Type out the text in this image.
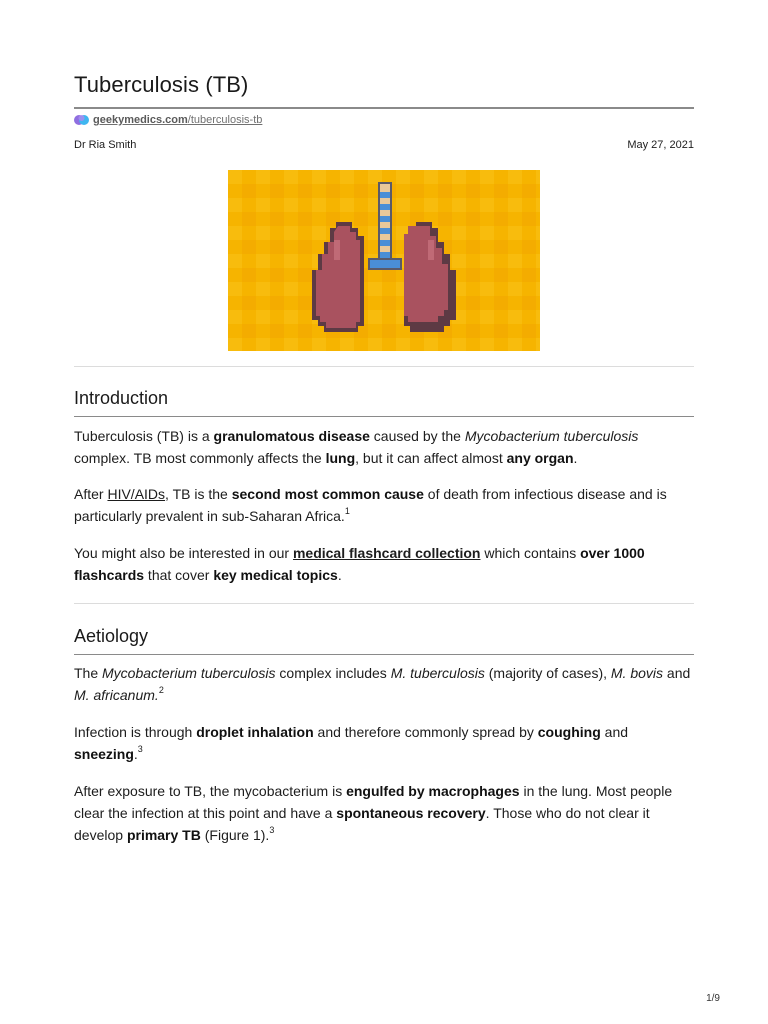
Tuberculosis (TB)
geekymedics.com/tuberculosis-tb
Dr Ria Smith	May 27, 2021
Introduction

Tuberculosis (TB) is a granulomatous disease caused by the Mycobacterium tuberculosis complex. TB most commonly affects the lung, but it can affect almost any organ.

After HIV/AIDs, TB is the second most common cause of death from infectious disease and is particularly prevalent in sub-Saharan Africa.$^1$

You might also be interested in our medical flashcard collection which contains over 1000 flashcards that cover key medical topics.

Aetiology

The Mycobacterium tuberculosis complex includes M. tuberculosis (majority of cases), M. bovis and M. africanum.$^2$

Infection is through droplet inhalation and therefore commonly spread by coughing and sneezing.$^3$

After exposure to TB, the mycobacterium is engulfed by macrophages in the lung. Most people clear the infection at this point and have a spontaneous recovery. Those who do not clear it develop primary TB (Figure 1).$^3$

1/9
